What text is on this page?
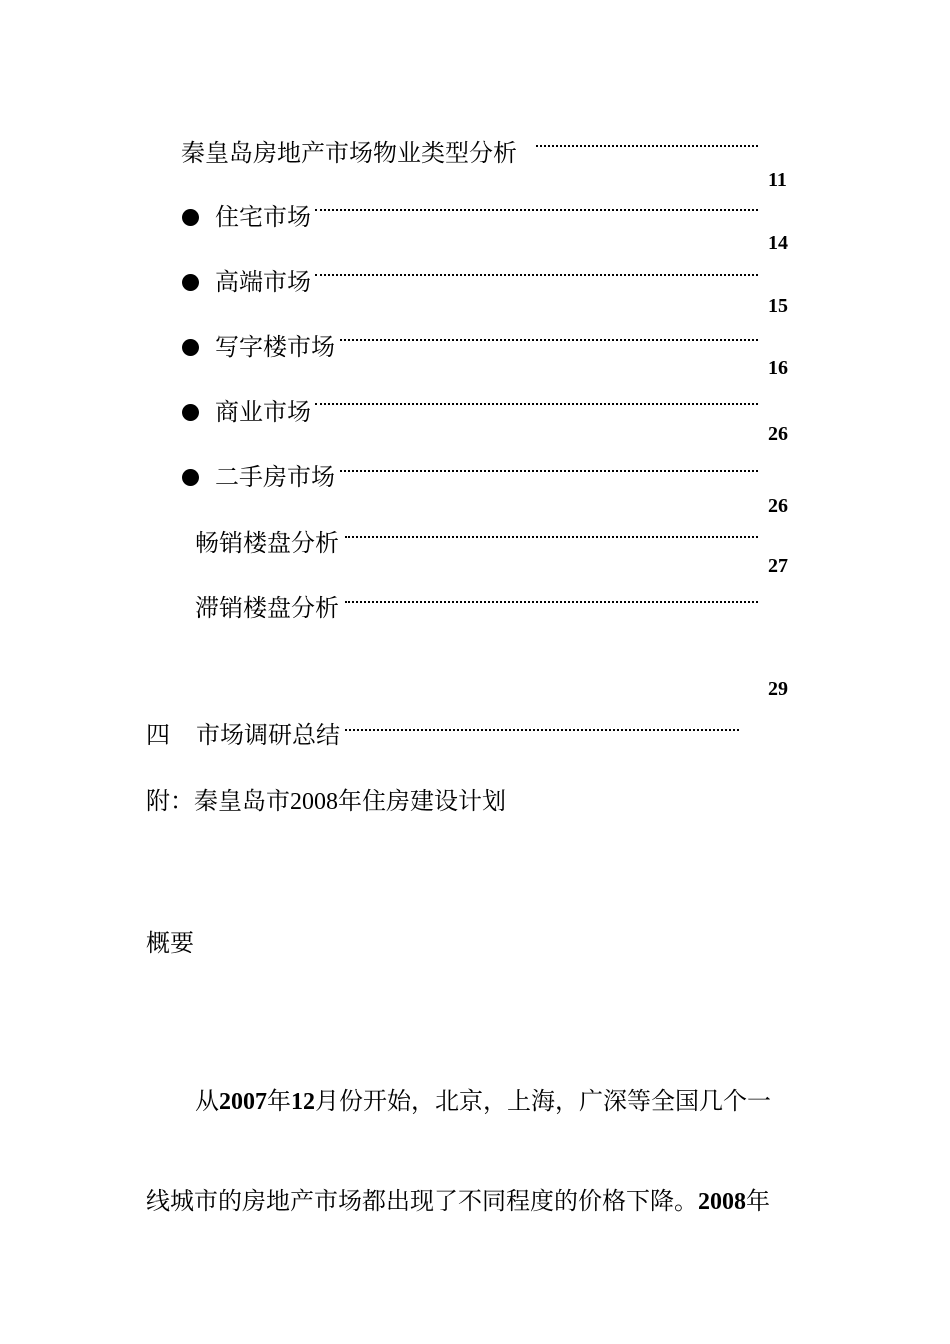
秦皇岛房地产市场物业类型分析
11
住宅市场
14
高端市场
15
写字楼市场
16
商业市场
26
二手房市场
26
畅销楼盘分析
27
滞销楼盘分析
29
四 市场调研总结
附：秦皇岛市2008年住房建设计划
概要
从2007年12月份开始，北京，上海，广深等全国几个一
线城市的房地产市场都出现了不同程度的价格下降。2008年
